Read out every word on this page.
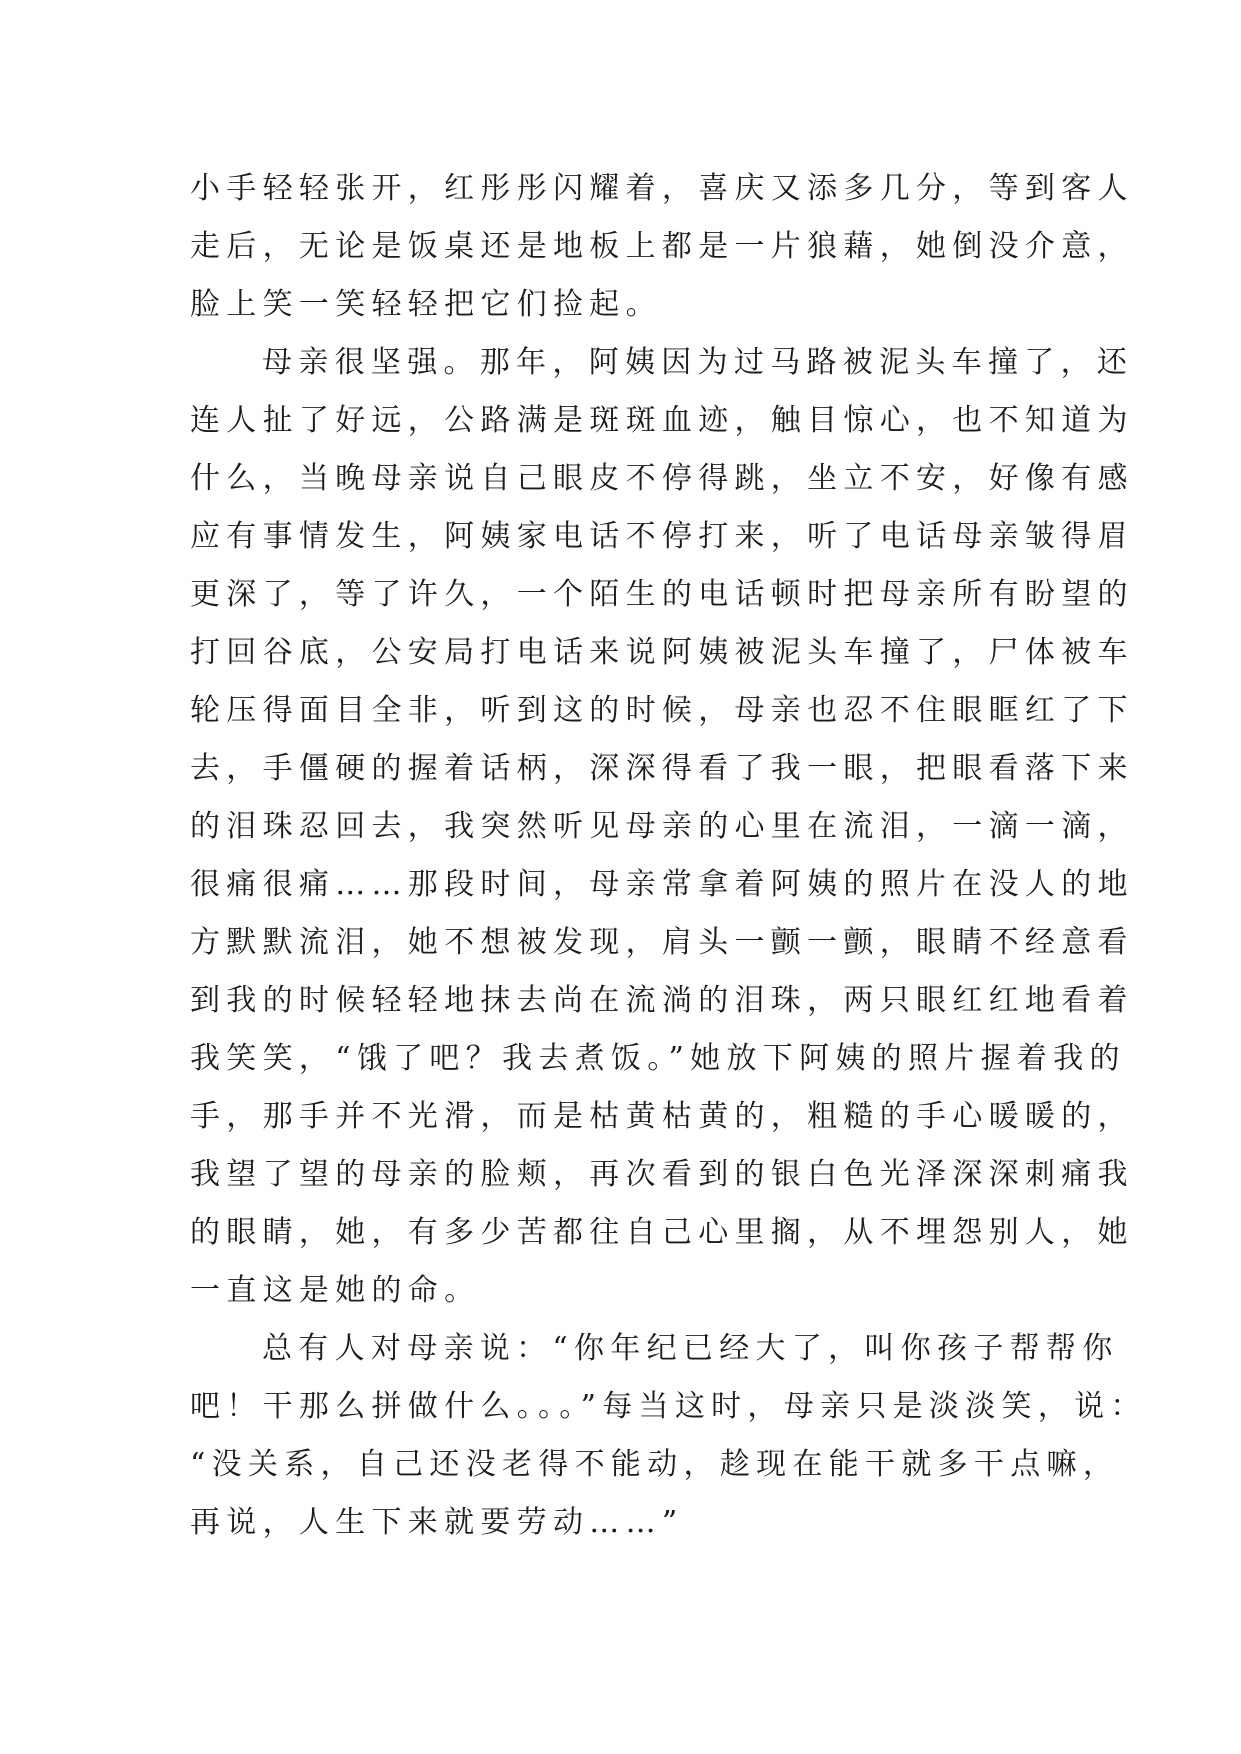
小手轻轻张开，红彤彤闪耀着，喜庆又添多几分，等到客人
走后，无论是饭桌还是地板上都是一片狼藉，她倒没介意，
脸上笑一笑轻轻把它们捡起。
母亲很坚强。那年，阿姨因为过马路被泥头车撞了，还
连人扯了好远，公路满是斑斑血迹，触目惊心，也不知道为
什么，当晚母亲说自己眼皮不停得跳，坐立不安，好像有感
应有事情发生，阿姨家电话不停打来，听了电话母亲皱得眉
更深了，等了许久，一个陌生的电话顿时把母亲所有盼望的
打回谷底，公安局打电话来说阿姨被泥头车撞了，尸体被车
轮压得面目全非，听到这的时候，母亲也忍不住眼眶红了下
去，手僵硬的握着话柄，深深得看了我一眼，把眼看落下来
的泪珠忍回去，我突然听见母亲的心里在流泪，一滴一滴，
很痛很痛……那段时间，母亲常拿着阿姨的照片在没人的地
方默默流泪，她不想被发现，肩头一颤一颤，眼睛不经意看
到我的时候轻轻地抹去尚在流淌的泪珠，两只眼红红地看着
我笑笑，“饿了吧？我去煮饭。”她放下阿姨的照片握着我的
手，那手并不光滑，而是枯黄枯黄的，粗糙的手心暖暖的，
我望了望的母亲的脸颊，再次看到的银白色光泽深深刺痛我
的眼睛，她，有多少苦都往自己心里搁，从不埋怨别人，她
一直这是她的命。
总有人对母亲说：“你年纪已经大了，叫你孩子帮帮你
吧！干那么拼做什么。。。”每当这时，母亲只是淡淡笑，说：
“没关系，自己还没老得不能动，趁现在能干就多干点嘛，
再说，人生下来就要劳动……”
